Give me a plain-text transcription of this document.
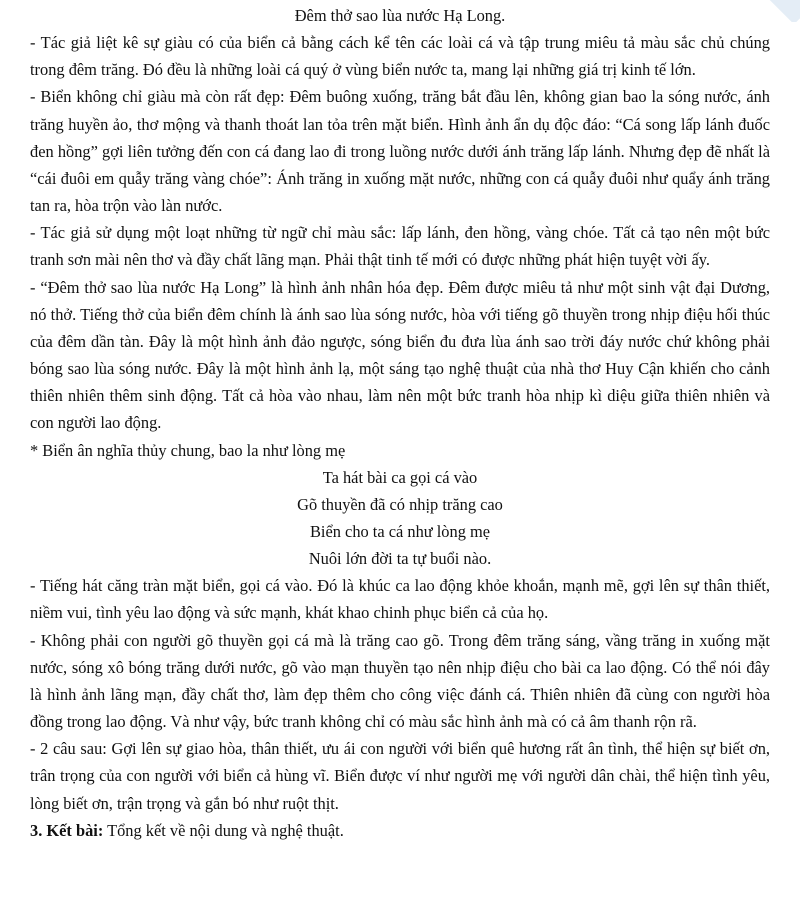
Đêm thở sao lùa nước Hạ Long.

- Tác giả liệt kê sự giàu có của biển cả bằng cách kể tên các loài cá và tập trung miêu tả màu sắc chủ chúng trong đêm trăng. Đó đều là những loài cá quý ở vùng biển nước ta, mang lại những giá trị kinh tế lớn.

- Biển không chỉ giàu mà còn rất đẹp: Đêm buông xuống, trăng bắt đầu lên, không gian bao la sóng nước, ánh trăng huyền ảo, thơ mộng và thanh thoát lan tỏa trên mặt biển. Hình ảnh ẩn dụ độc đáo: “Cá song lấp lánh đuốc đen hồng” gợi liên tưởng đến con cá đang lao đi trong luồng nước dưới ánh trăng lấp lánh. Nhưng đẹp đẽ nhất là “cái đuôi em quẫy trăng vàng chóe”: Ánh trăng in xuống mặt nước, những con cá quẫy đuôi như quẩy ánh trăng tan ra, hòa trộn vào làn nước.

- Tác giả sử dụng một loạt những từ ngữ chỉ màu sắc: lấp lánh, đen hồng, vàng chóe. Tất cả tạo nên một bức tranh sơn mài nên thơ và đầy chất lãng mạn. Phải thật tinh tế mới có được những phát hiện tuyệt vời ấy.

- “Đêm thở sao lùa nước Hạ Long” là hình ảnh nhân hóa đẹp. Đêm được miêu tả như một sinh vật đại Dương, nó thở. Tiếng thở của biển đêm chính là ánh sao lùa sóng nước, hòa với tiếng gõ thuyền trong nhịp điệu hối thúc của đêm dần tàn. Đây là một hình ảnh đảo ngược, sóng biển đu đưa lùa ánh sao trời đáy nước chứ không phải bóng sao lùa sóng nước. Đây là một hình ảnh lạ, một sáng tạo nghệ thuật của nhà thơ Huy Cận khiến cho cảnh thiên nhiên thêm sinh động. Tất cả hòa vào nhau, làm nên một bức tranh hòa nhịp kì diệu giữa thiên nhiên và con người lao động.

* Biển ân nghĩa thủy chung, bao la như lòng mẹ

Ta hát bài ca gọi cá vào

Gõ thuyền đã có nhịp trăng cao

Biển cho ta cá như lòng mẹ

Nuôi lớn đời ta tự buổi nào.

- Tiếng hát căng tràn mặt biển, gọi cá vào. Đó là khúc ca lao động khỏe khoắn, mạnh mẽ, gợi lên sự thân thiết, niềm vui, tình yêu lao động và sức mạnh, khát khao chinh phục biển cả của họ.

- Không phải con người gõ thuyền gọi cá mà là trăng cao gõ. Trong đêm trăng sáng, vầng trăng in xuống mặt nước, sóng xô bóng trăng dưới nước, gõ vào mạn thuyền tạo nên nhịp điệu cho bài ca lao động. Có thể nói đây là hình ảnh lãng mạn, đầy chất thơ, làm đẹp thêm cho công việc đánh cá. Thiên nhiên đã cùng con người hòa đồng trong lao động. Và như vậy, bức tranh không chỉ có màu sắc hình ảnh mà có cả âm thanh rộn rã.

- 2 câu sau: Gợi lên sự giao hòa, thân thiết, ưu ái con người với biển quê hương rất ân tình, thể hiện sự biết ơn, trân trọng của con người với biển cả hùng vĩ. Biển được ví như người mẹ với người dân chài, thể hiện tình yêu, lòng biết ơn, trận trọng và gắn bó như ruột thịt.

3. Kết bài: Tổng kết về nội dung và nghệ thuật.
